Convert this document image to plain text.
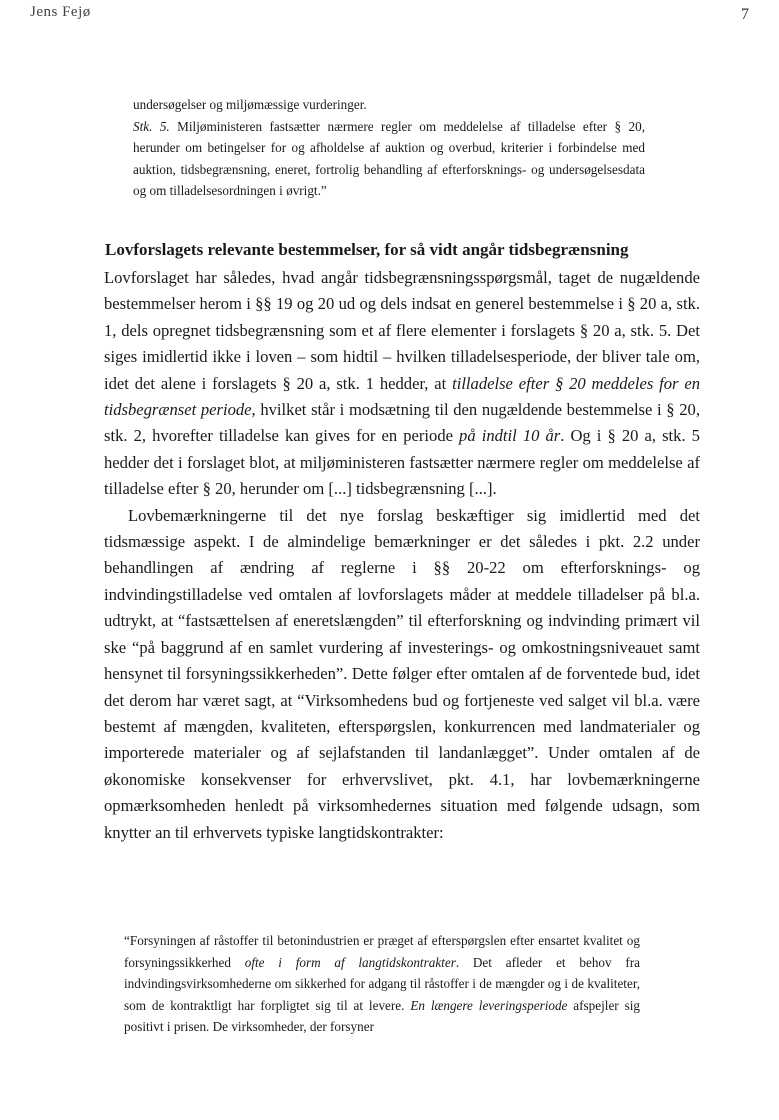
Jens Fejø	7

undersøgelser og miljømæssige vurderinger.

Stk. 5. Miljøministeren fastsætter nærmere regler om meddelelse af tilladelse efter § 20, herunder om betingelser for og afholdelse af auktion og overbud, kriterier i forbindelse med auktion, tidsbegrænsning, eneret, fortrolig behandling af efterforsknings- og undersøgelsesdata og om tilladelsesordningen i øvrigt.”

Lovforslagets relevante bestemmelser, for så vidt angår tidsbegrænsning

Lovforslaget har således, hvad angår tidsbegrænsningsspørgsmål, taget de nugældende bestemmelser herom i §§ 19 og 20 ud og dels indsat en generel bestemmelse i § 20 a, stk. 1, dels opregnet tidsbegrænsning som et af flere elementer i forslagets § 20 a, stk. 5. Det siges imidlertid ikke i loven – som hidtil – hvilken tilladelsesperiode, der bliver tale om, idet det alene i forslagets § 20 a, stk. 1 hedder, at tilladelse efter § 20 meddeles for en tidsbegrænset periode, hvilket står i modsætning til den nugældende bestemmelse i § 20, stk. 2, hvorefter tilladelse kan gives for en periode på indtil 10 år. Og i § 20 a, stk. 5 hedder det i forslaget blot, at miljøministeren fastsætter nærmere regler om meddelelse af tilladelse efter § 20, herunder om [...] tidsbegrænsning [...].

Lovbemærkningerne til det nye forslag beskæftiger sig imidlertid med det tidsmæssige aspekt. I de almindelige bemærkninger er det således i pkt. 2.2 under behandlingen af ændring af reglerne i §§ 20-22 om efterforsknings- og indvindingstilladelse ved omtalen af lovforslagets måder at meddele tilladelser på bl.a. udtrykt, at “fastsættelsen af eneretslængden” til efterforskning og indvinding primært vil ske “på baggrund af en samlet vurdering af investerings- og omkostningsniveauet samt hensynet til forsyningssikkerheden”. Dette følger efter omtalen af de forventede bud, idet det derom har været sagt, at “Virksomhedens bud og fortjeneste ved salget vil bl.a. være bestemt af mængden, kvaliteten, efterspørgslen, konkurrencen med landmaterialer og importerede materialer og af sejlafstanden til landanlægget”. Under omtalen af de økonomiske konsekvenser for erhvervslivet, pkt. 4.1, har lovbemærkningerne opmærksomheden henledt på virksomhedernes situation med følgende udsagn, som knytter an til erhvervets typiske langtidskontrakter:

“Forsyningen af råstoffer til betonindustrien er præget af efterspørgslen efter ensartet kvalitet og forsyningssikkerhed ofte i form af langtidskontrakter. Det afleder et behov fra indvindingsvirksomhederne om sikkerhed for adgang til råstoffer i de mængder og i de kvaliteter, som de kontraktligt har forpligtet sig til at levere. En længere leveringsperiode afspejler sig positivt i prisen. De virksomheder, der forsyner
